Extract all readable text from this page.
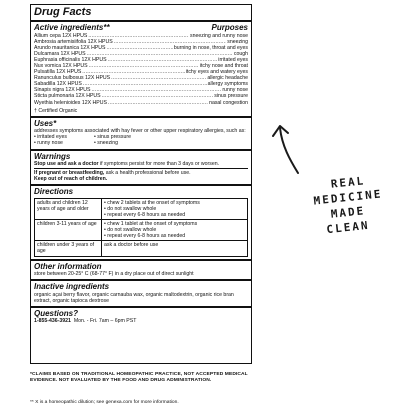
Drug Facts
Active ingredients**	Purposes
Allium cepa 12X HPUS .....	sneezing and runny nose
Ambrosia artemisiifolia 12X HPUS .....	sneezing
Arundo mauritanica 12X HPUS .....	burning in nose, throat and eyes
Dulcamara 12X HPUS .....	cough
Euphrasia officinalis 12X HPUS .....	irritated eyes
Nux vomica 12X HPUS .....	itchy nose and throat
Pulsatilla 12X HPUS .....	itchy eyes and watery eyes
Ranunculus bulbosus 12X HPUS .....	allergic headache
Sabadilla 12X HPUS .....	allergy symptoms
Sinapis nigra 12X HPUS .....	runny nose
Sticta pulmonaria 12X HPUS .....	sinus pressure
Wyethia helenioides 12X HPUS .....	nasal congestion
† Certified Organic
Uses*
addresses symptoms associated with hay fever or other upper respiratory allergies, such as:
• irritated eyes
• runny nose
• sinus pressure
• sneezing
Warnings
Stop use and ask a doctor if symptoms persist for more than 3 days or worsen.
If pregnant or breastfeeding, ask a health professional before use.
Keep out of reach of children.
Directions
adults and children 12 years of age and older	• chew 2 tablets at the onset of symptoms
• do not swallow whole
• repeat every 6-8 hours as needed

children 3-11 years of age	• chew 1 tablet at the onset of symptoms
• do not swallow whole
• repeat every 6-8 hours as needed

children under 3 years of age	ask a doctor before use
Other information
store between 20-25° C (68-77° F) in a dry place out of direct sunlight
Inactive ingredients
organic açai berry flavor, organic carnauba wax, organic maltodextrin, organic rice bran extract, organic tapioca dextrose
Questions?
1-855-436-3921 Mon. - Fri. 7am – 6pm PST
*CLAIMS BASED ON TRADITIONAL HOMEOPATHIC PRACTICE, NOT ACCEPTED MEDICAL EVIDENCE. NOT EVALUATED BY THE FOOD AND DRUG ADMINISTRATION.
** X is a homeopathic dilution; see genexa.com for more information.
REAL
MEDICINE
MADE
CLEAN
